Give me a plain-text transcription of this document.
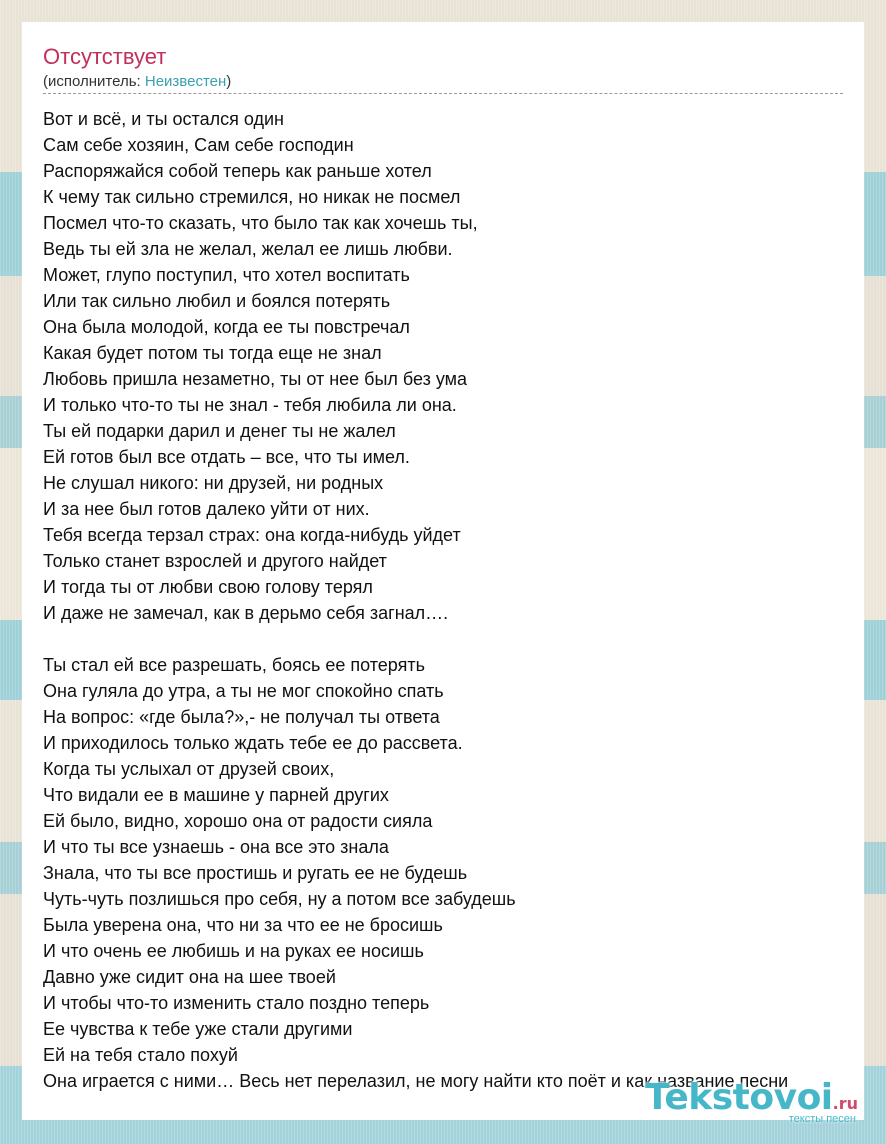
Отсутствует
(исполнитель: Неизвестен)
Вот и всё, и ты остался один
Сам себе хозяин, Сам себе господин
Распоряжайся собой теперь как раньше хотел
К чему так сильно стремился, но никак не посмел
Посмел что-то сказать, что было так как хочешь ты,
Ведь ты ей зла не желал, желал ее лишь любви.
Может, глупо поступил, что хотел воспитать
Или так сильно любил и боялся потерять
Она была молодой, когда ее ты повстречал
Какая будет потом ты тогда еще не знал
Любовь пришла незаметно, ты от нее был без ума
И только что-то ты не знал - тебя любила ли она.
Ты ей подарки дарил и денег ты не жалел
Ей готов был все отдать – все, что ты имел.
Не слушал никого: ни друзей, ни родных
И за нее был готов далеко уйти от них.
Тебя всегда терзал страх: она когда-нибудь уйдет
Только станет взрослей и другого найдет
И тогда ты от любви свою голову терял
И даже не замечал, как в дерьмо себя загнал….
Ты стал ей все разрешать, боясь ее потерять
Она гуляла до утра, а ты не мог спокойно спать
На вопрос: «где была?»,- не получал ты ответа
И приходилось только ждать тебе ее до рассвета.
Когда ты услыхал от друзей своих,
Что видали ее в машине у парней других
Ей было, видно, хорошо она от радости сияла
И что ты все узнаешь - она все это знала
Знала, что ты все простишь и ругать ее не будешь
Чуть-чуть позлишься про себя, ну а потом все забудешь
Была уверена она, что ни за что ее не бросишь
И что очень ее любишь и на руках ее носишь
Давно уже сидит она на шее твоей
И чтобы что-то изменить стало поздно теперь
Ее чувства к тебе уже стали другими
Ей на тебя стало похуй
Она играется с ними… Весь нет перелазил, не могу найти кто поёт и как название песни
Tekstovoi.ru
тексты песен
